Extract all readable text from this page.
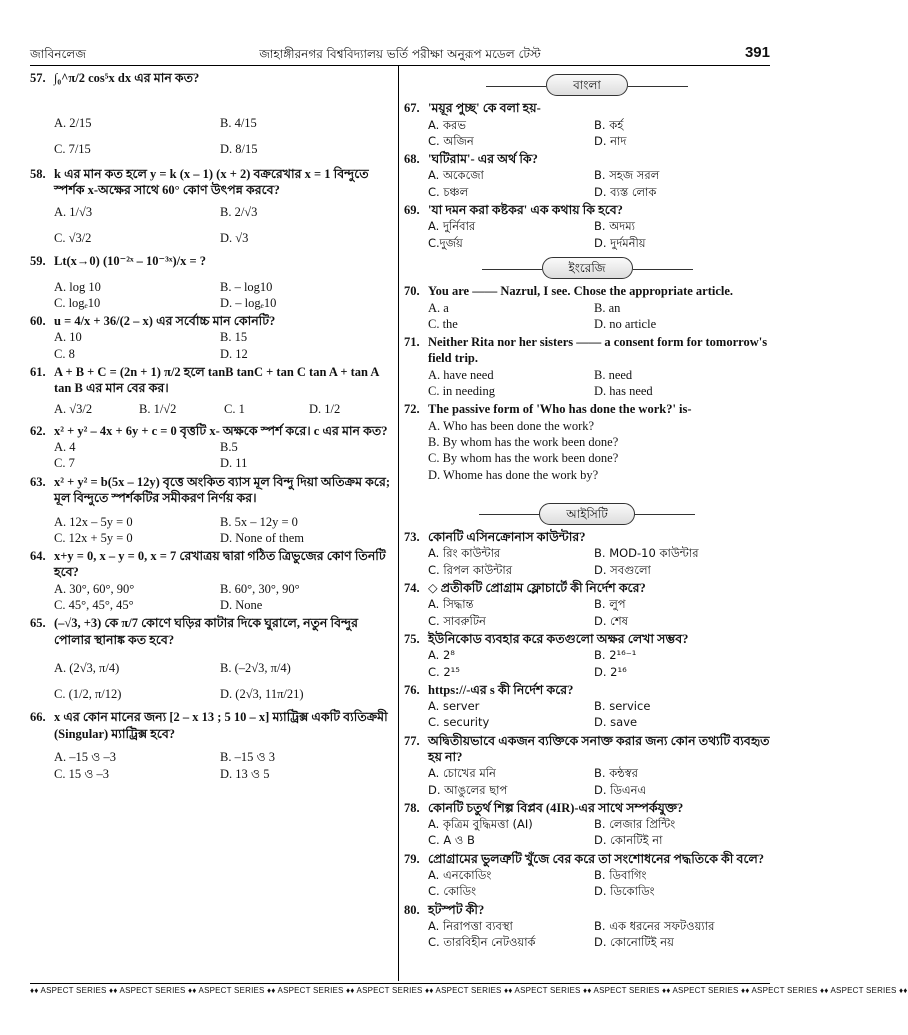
জাবিনলেজ	জাহাঙ্গীরনগর বিশ্ববিদ্যালয় ভর্তি পরীক্ষা অনুরূপ মডেল টেস্ট	391
♦♦ ASPECT SERIES ♦♦ ASPECT SERIES ♦♦ ASPECT SERIES ♦♦ ASPECT SERIES ♦♦ ASPECT SERIES ♦♦ ASPECT SERIES ♦♦ ASPECT SERIES ♦♦ ASPECT SERIES ♦♦ ASPECT SERIES ♦♦ ASPECT SERIES ♦♦ ASPECT SERIES ♦♦
57. ∫₀^π/2 cos⁵x dx এর মান কত?
A. 2/15	B. 4/15
C. 7/15	D. 8/15
58. k এর মান কত হলে y = k (x – 1) (x + 2) বক্ররেখার x = 1 বিন্দুতে স্পর্শক x-অক্ষের সাথে 60° কোণ উৎপন্ন করবে?
A. 1/√3	B. 2/√3
C. √3/2	D. √3
59. Lt(x→0) (10⁻²ˣ – 10⁻³ˣ)/x = ?
A. log 10	B. – log10
C. logₑ10	D. – logₑ10
60. u = 4/x + 36/(2 – x) এর সর্বোচ্চ মান কোনটি?
A. 10	B. 15
C. 8	D. 12
61. A + B + C = (2n + 1) π/2 হলে tanB tanC + tan C tan A + tan A tan B এর মান বের কর।
A. √3/2	B. 1/√2	C. 1	D. 1/2
62. x² + y² – 4x + 6y + c = 0 বৃত্তটি x- অক্ষকে স্পর্শ করে। c এর মান কত?
A. 4	B.5
C. 7	D. 11
63. x² + y² = b(5x – 12y) বৃত্তে অংকিত ব্যাস মূল বিন্দু দিয়া অতিক্রম করে; মূল বিন্দুতে স্পর্শকটির সমীকরণ নির্ণয় কর।
A. 12x – 5y = 0	B. 5x – 12y = 0
C. 12x + 5y = 0	D. None of them
64. x+y = 0, x – y = 0, x = 7 রেখাত্রয় দ্বারা গঠিত ত্রিভুজের কোণ তিনটি হবে?
A. 30°, 60°, 90°	B. 60°, 30°, 90°
C. 45°, 45°, 45°	D. None
65. (–√3, +3) কে π/7 কোণে ঘড়ির কাটার দিকে ঘুরালে, নতুন বিন্দুর পোলার স্থানাঙ্ক কত হবে?
A. (2√3, π/4)	B. (–2√3, π/4)
C. (1/2, π/12)	D. (2√3, 11π/21)
66. x এর কোন মানের জন্য [2 – x 13 ; 5 10 – x] ম্যাট্রিক্স একটি ব্যতিক্রমী (Singular) ম্যাট্রিক্স হবে?
A. –15 ও –3	B. –15 ও 3
C. 15 ও –3	D. 13 ও 5
বাংলা
67. 'ময়ূর পুচ্ছ' কে বলা হয়-
A. করভ	B. কর্হ
C. অজিন	D. নাদ
68. 'ঘটিরাম'- এর অর্থ কি?
A. অকেজো	B. সহজ সরল
C. চঞ্চল	D. ব্যস্ত লোক
69. 'যা দমন করা কষ্টকর' এক কথায় কি হবে?
A. দুর্নিবার	B. অদম্য
C.দুর্জয়	D. দুর্দমনীয়
ইংরেজি
70. You are —— Nazrul, I see. Chose the appropriate article.
A. a	B. an
C. the	D. no article
71. Neither Rita nor her sisters —— a consent form for tomorrow's field trip.
A. have need	B. need
C. in needing	D. has need
72. The passive form of 'Who has done the work?' is-
A. Who has been done the work?
B. By whom has the work been done?
C. By whom has the work been done?
D. Whome has done the work by?
আইসিটি
73. কোনটি এসিনক্রোনাস কাউন্টার?
A. রিং কাউন্টার	B. MOD-10 কাউন্টার
C. রিপল কাউন্টার	D. সবগুলো
74. ◇ প্রতীকটি প্রোগ্রাম ফ্লোচার্টে কী নির্দেশ করে?
A. সিদ্ধান্ত	B. লুপ
C. সাবরুটিন	D. শেষ
75. ইউনিকোড ব্যবহার করে কতগুলো অক্ষর লেখা সম্ভব?
A. 2⁸	B. 2¹⁶⁻¹
C. 2¹⁵	D. 2¹⁶
76. https://-এর s কী নির্দেশ করে?
A. server	B. service
C. security	D. save
77. অদ্বিতীয়ভাবে একজন ব্যক্তিকে সনাক্ত করার জন্য কোন তথ্যটি ব্যবহৃত হয় না?
A. চোখের মনি	B. কন্ঠস্বর
D. আঙুলের ছাপ	D. ডিএনএ
78. কোনটি চতুর্থ শিল্প বিপ্লব (4IR)-এর সাথে সম্পর্কযুক্ত?
A. কৃত্রিম বুদ্ধিমত্তা (AI)	B. লেজার প্রিন্টিং
C. A ও B	D. কোনটিই না
79. প্রোগ্রামের ভুলত্রুটি খুঁজে বের করে তা সংশোধনের পদ্ধতিকে কী বলে?
A. এনকোডিং	B. ডিবাগিং
C. কোডিং	D. ডিকোডিং
80. হটস্পট কী?
A. নিরাপত্তা ব্যবস্থা	B. এক ধরনের সফটওয়্যার
C. তারবিহীন নেটওয়ার্ক	D. কোনোটিই নয়
